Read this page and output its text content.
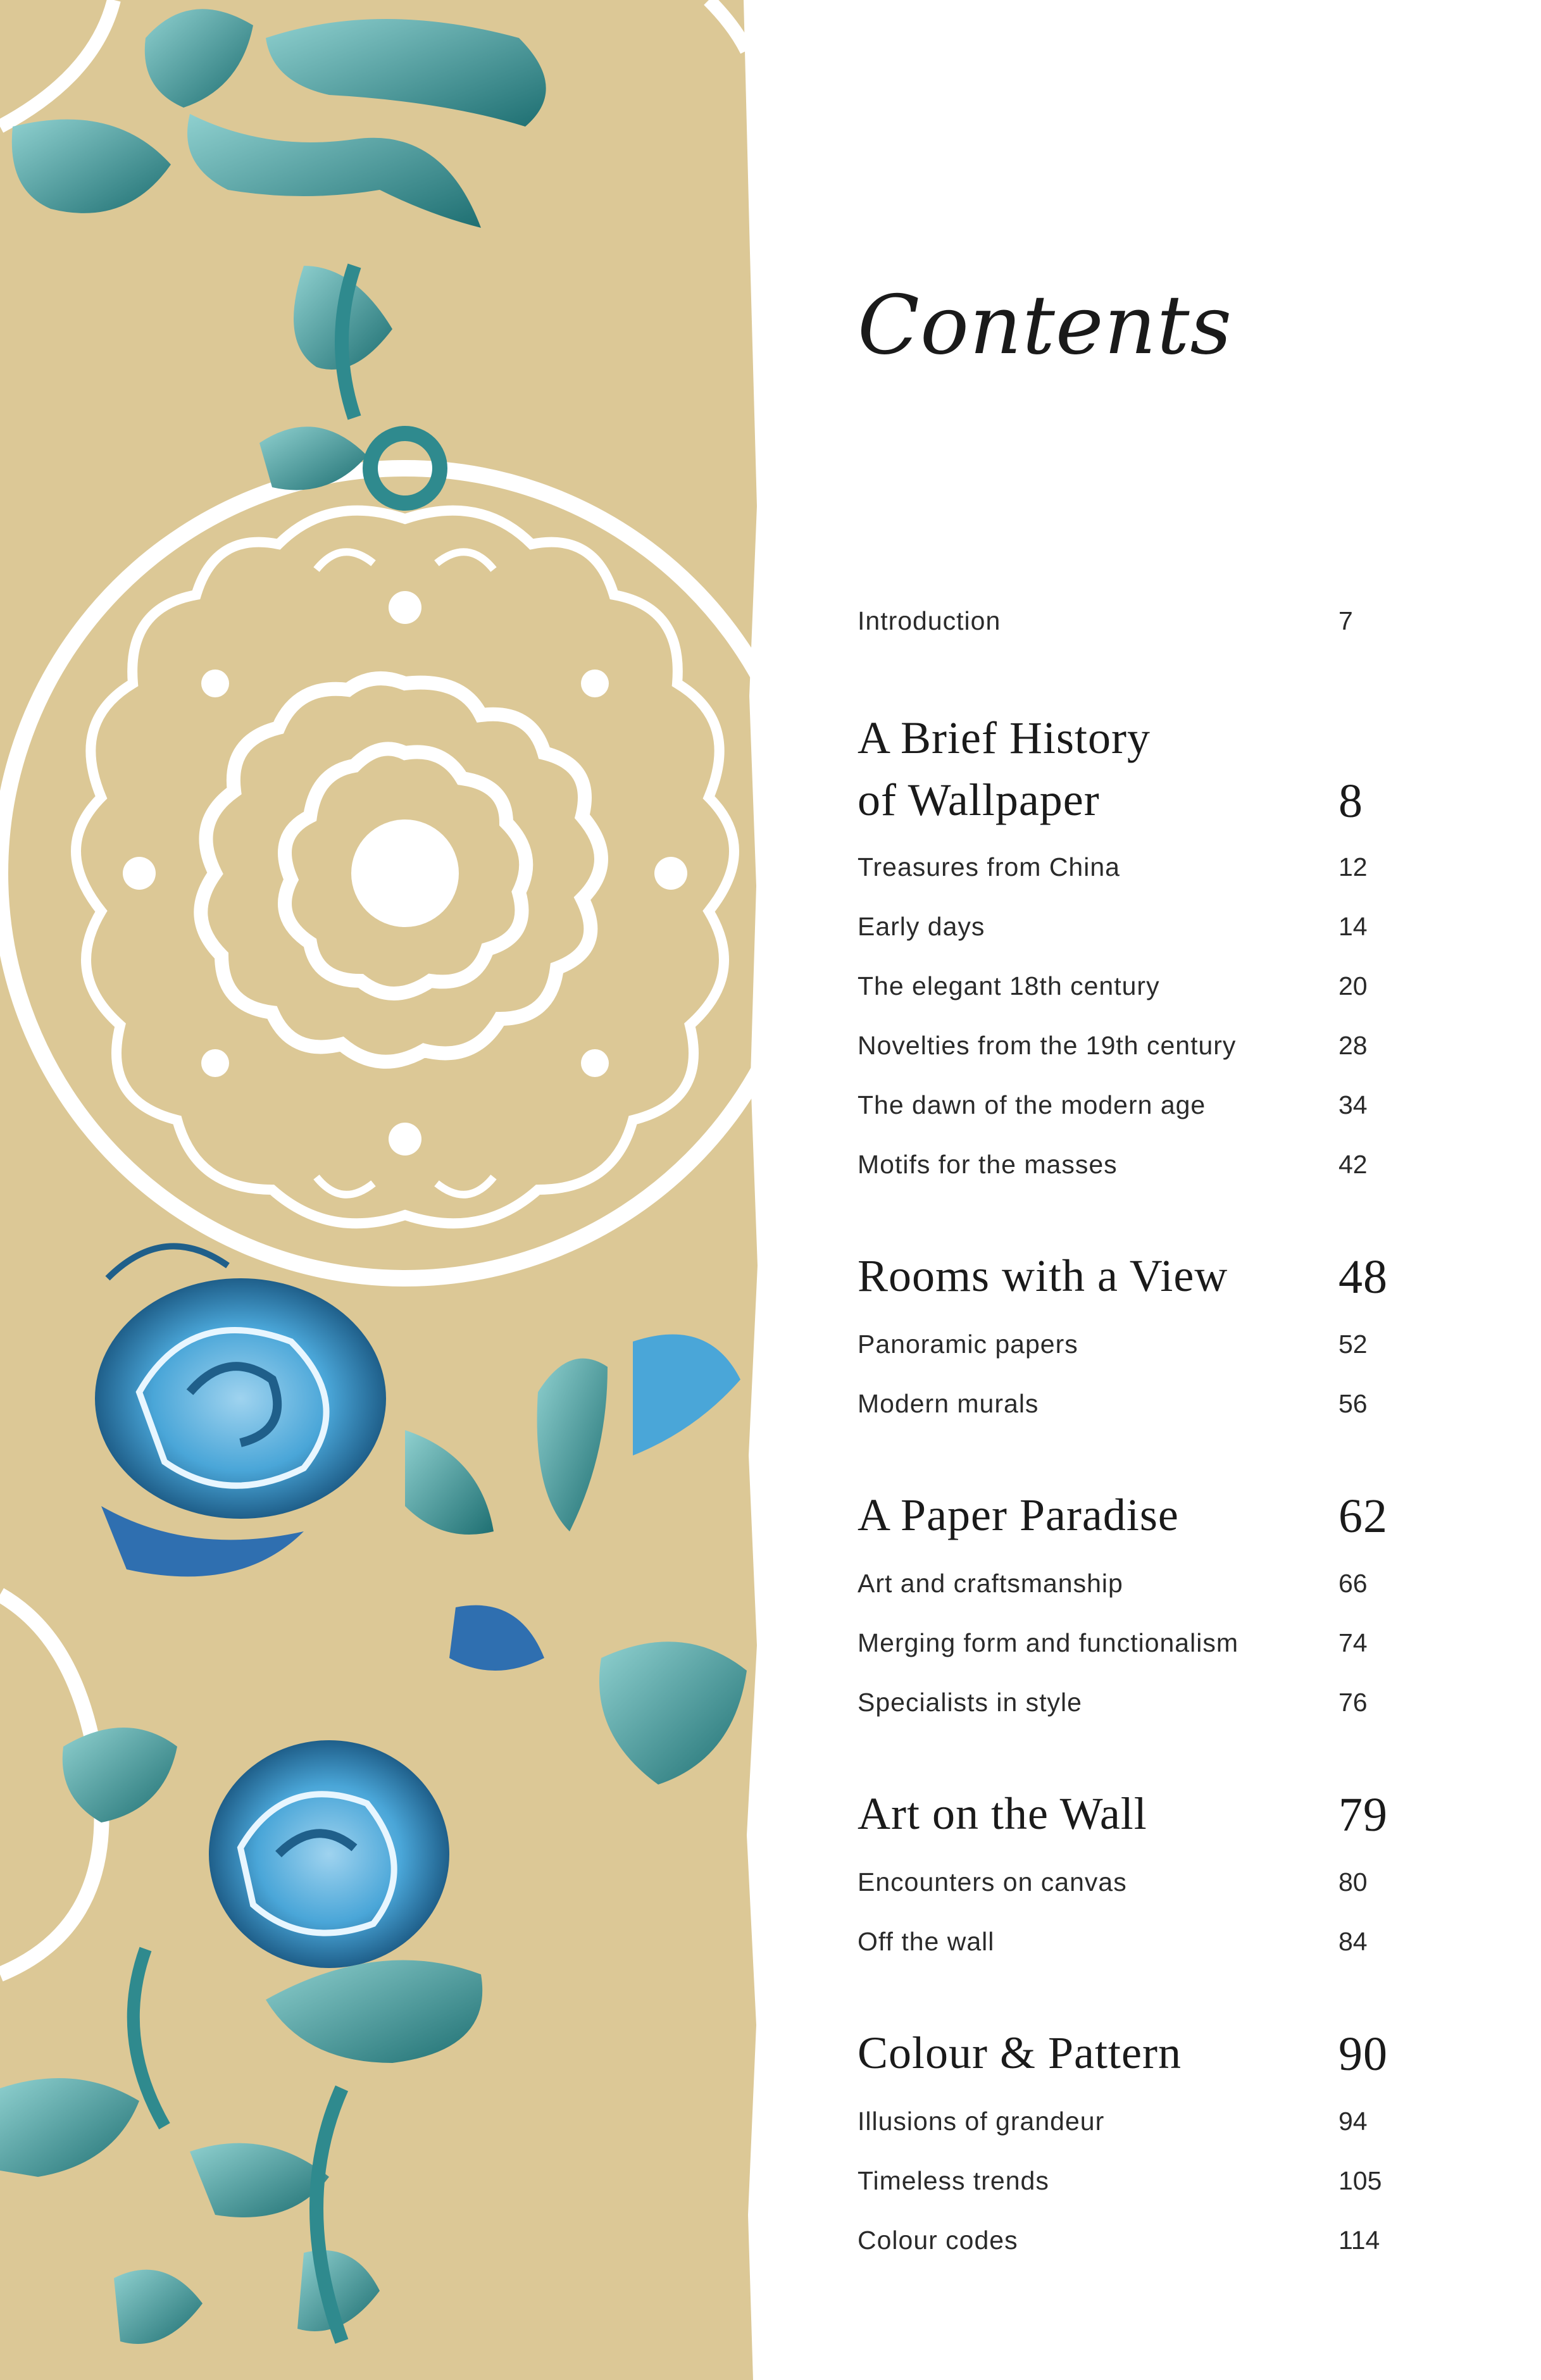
Contents
Introduction	7
A Brief History
of Wallpaper	8
Treasures from China	12
Early days	14
The elegant 18th century	20
Novelties from the 19th century	28
The dawn of the modern age	34
Motifs for the masses	42
Rooms with a View 48
Panoramic papers	52
Modern murals	56
A Paper Paradise	62
Art and craftsmanship	66
Merging form and functionalism	74
Specialists in style	76
Art on the Wall	79
Encounters on canvas	80
Off the wall	84
Colour & Pattern	90
Illusions of grandeur	94
Timeless trends	105
Colour codes	114
